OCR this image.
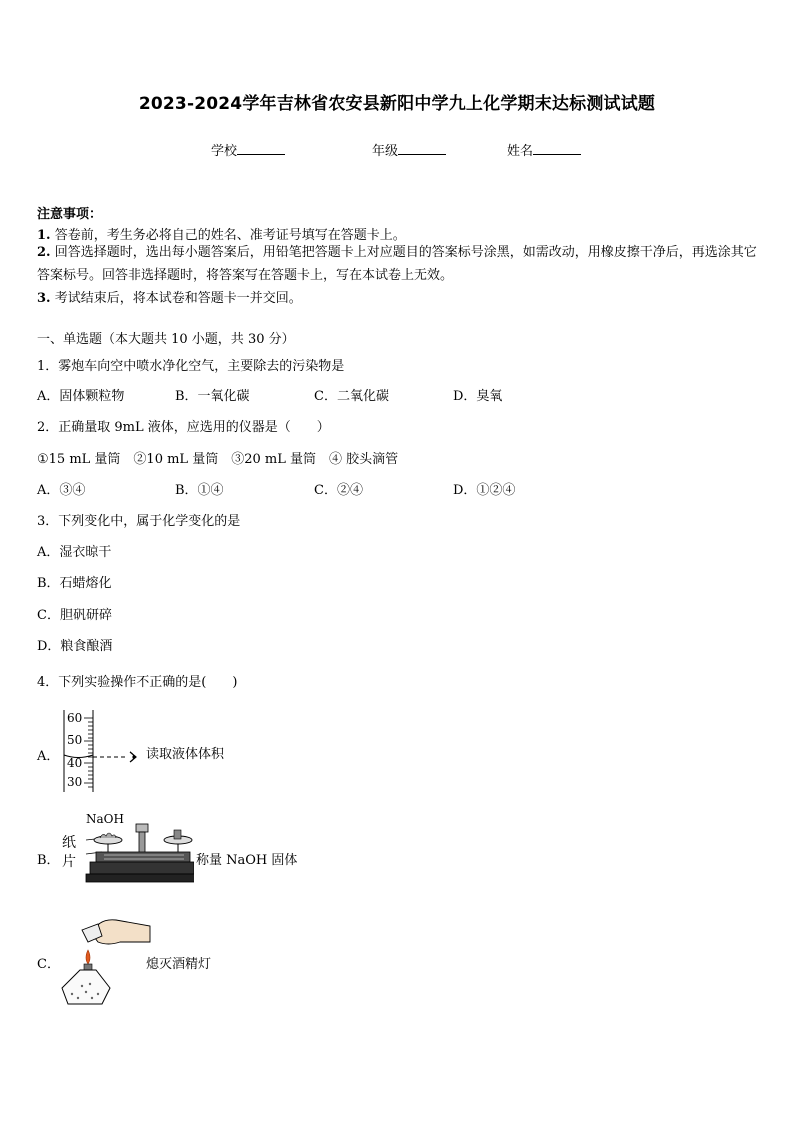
2023-2024学年吉林省农安县新阳中学九上化学期末达标测试试题
学校	年级	姓名
注意事项：
1. 答卷前，考生务必将自己的姓名、准考证号填写在答题卡上。
2. 回答选择题时，选出每小题答案后，用铅笔把答题卡上对应题目的答案标号涂黑，如需改动，用橡皮擦干净后，再选涂其它答案标号。回答非选择题时，将答案写在答题卡上，写在本试卷上无效。
3. 考试结束后，将本试卷和答题卡一并交回。
一、单选题（本大题共 10 小题，共 30 分）
1．雾炮车向空中喷水净化空气，主要除去的污染物是
A．固体颗粒物	B．一氧化碳	C．二氧化碳	D．臭氧
2．正确量取 9mL 液体，应选用的仪器是（　　）
①15 mL 量筒　②10 mL 量筒　③20 mL 量筒　④ 胶头滴管
A．③④	B．①④	C．②④	D．①②④
3．下列变化中，属于化学变化的是
A．湿衣晾干
B．石蜡熔化
C．胆矾研碎
D．粮食酿酒
4．下列实验操作不正确的是(　　)
A．
60
50
40
30
读取液体体积
B．
NaOH
纸
片	称量 NaOH 固体
C．	熄灭酒精灯
